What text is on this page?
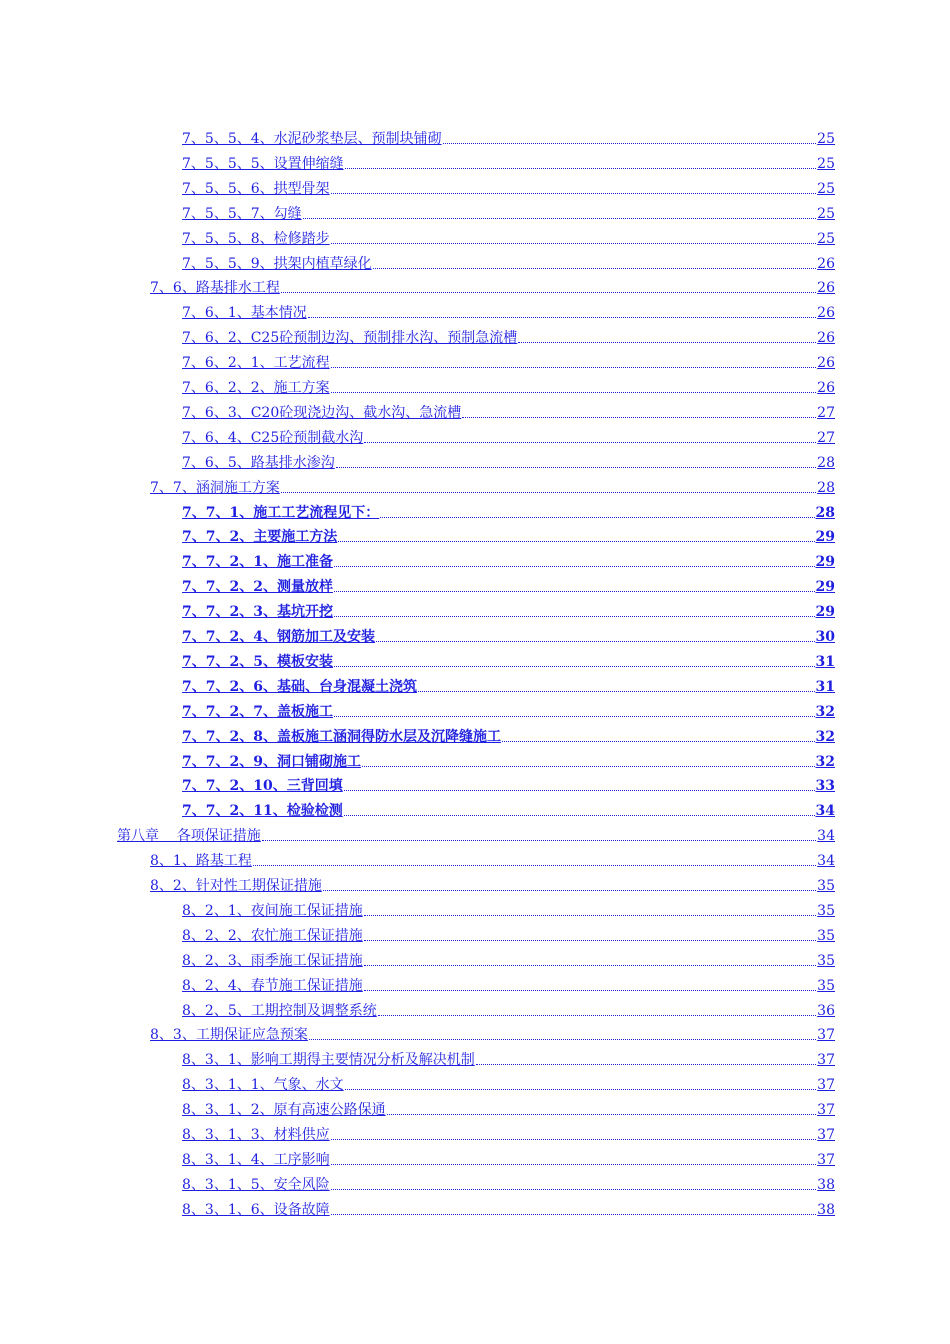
7、5、5、4、水泥砂浆垫层、预制块铺砌	25
7、5、5、5、设置伸缩缝	25
7、5、5、6、拱型骨架	25
7、5、5、7、勾缝	25
7、5、5、8、检修踏步	25
7、5、5、9、拱架内植草绿化	26
7、6、路基排水工程	26
7、6、1、基本情况	26
7、6、2、C25砼预制边沟、预制排水沟、预制急流槽	26
7、6、2、1、工艺流程	26
7、6、2、2、施工方案	26
7、6、3、C20砼现浇边沟、截水沟、急流槽	27
7、6、4、C25砼预制截水沟	27
7、6、5、路基排水渗沟	28
7、7、涵洞施工方案	28
7、7、1、施工工艺流程见下：	28
7、7、2、主要施工方法	29
7、7、2、1、施工准备	29
7、7、2、2、测量放样	29
7、7、2、3、基坑开挖	29
7、7、2、4、钢筋加工及安装	30
7、7、2、5、模板安装	31
7、7、2、6、基础、台身混凝土浇筑	31
7、7、2、7、盖板施工	32
7、7、2、8、盖板施工涵洞得防水层及沉降缝施工	32
7、7、2、9、洞口铺砌施工	32
7、7、2、10、三背回填	33
7、7、2、11、检验检测	34
第八章    各项保证措施	34
8、1、路基工程	34
8、2、针对性工期保证措施	35
8、2、1、夜间施工保证措施	35
8、2、2、农忙施工保证措施	35
8、2、3、雨季施工保证措施	35
8、2、4、春节施工保证措施	35
8、2、5、工期控制及调整系统	36
8、3、工期保证应急预案	37
8、3、1、影响工期得主要情况分析及解决机制	37
8、3、1、1、气象、水文	37
8、3、1、2、原有高速公路保通	37
8、3、1、3、材料供应	37
8、3、1、4、工序影响	37
8、3、1、5、安全风险	38
8、3、1、6、设备故障	38
